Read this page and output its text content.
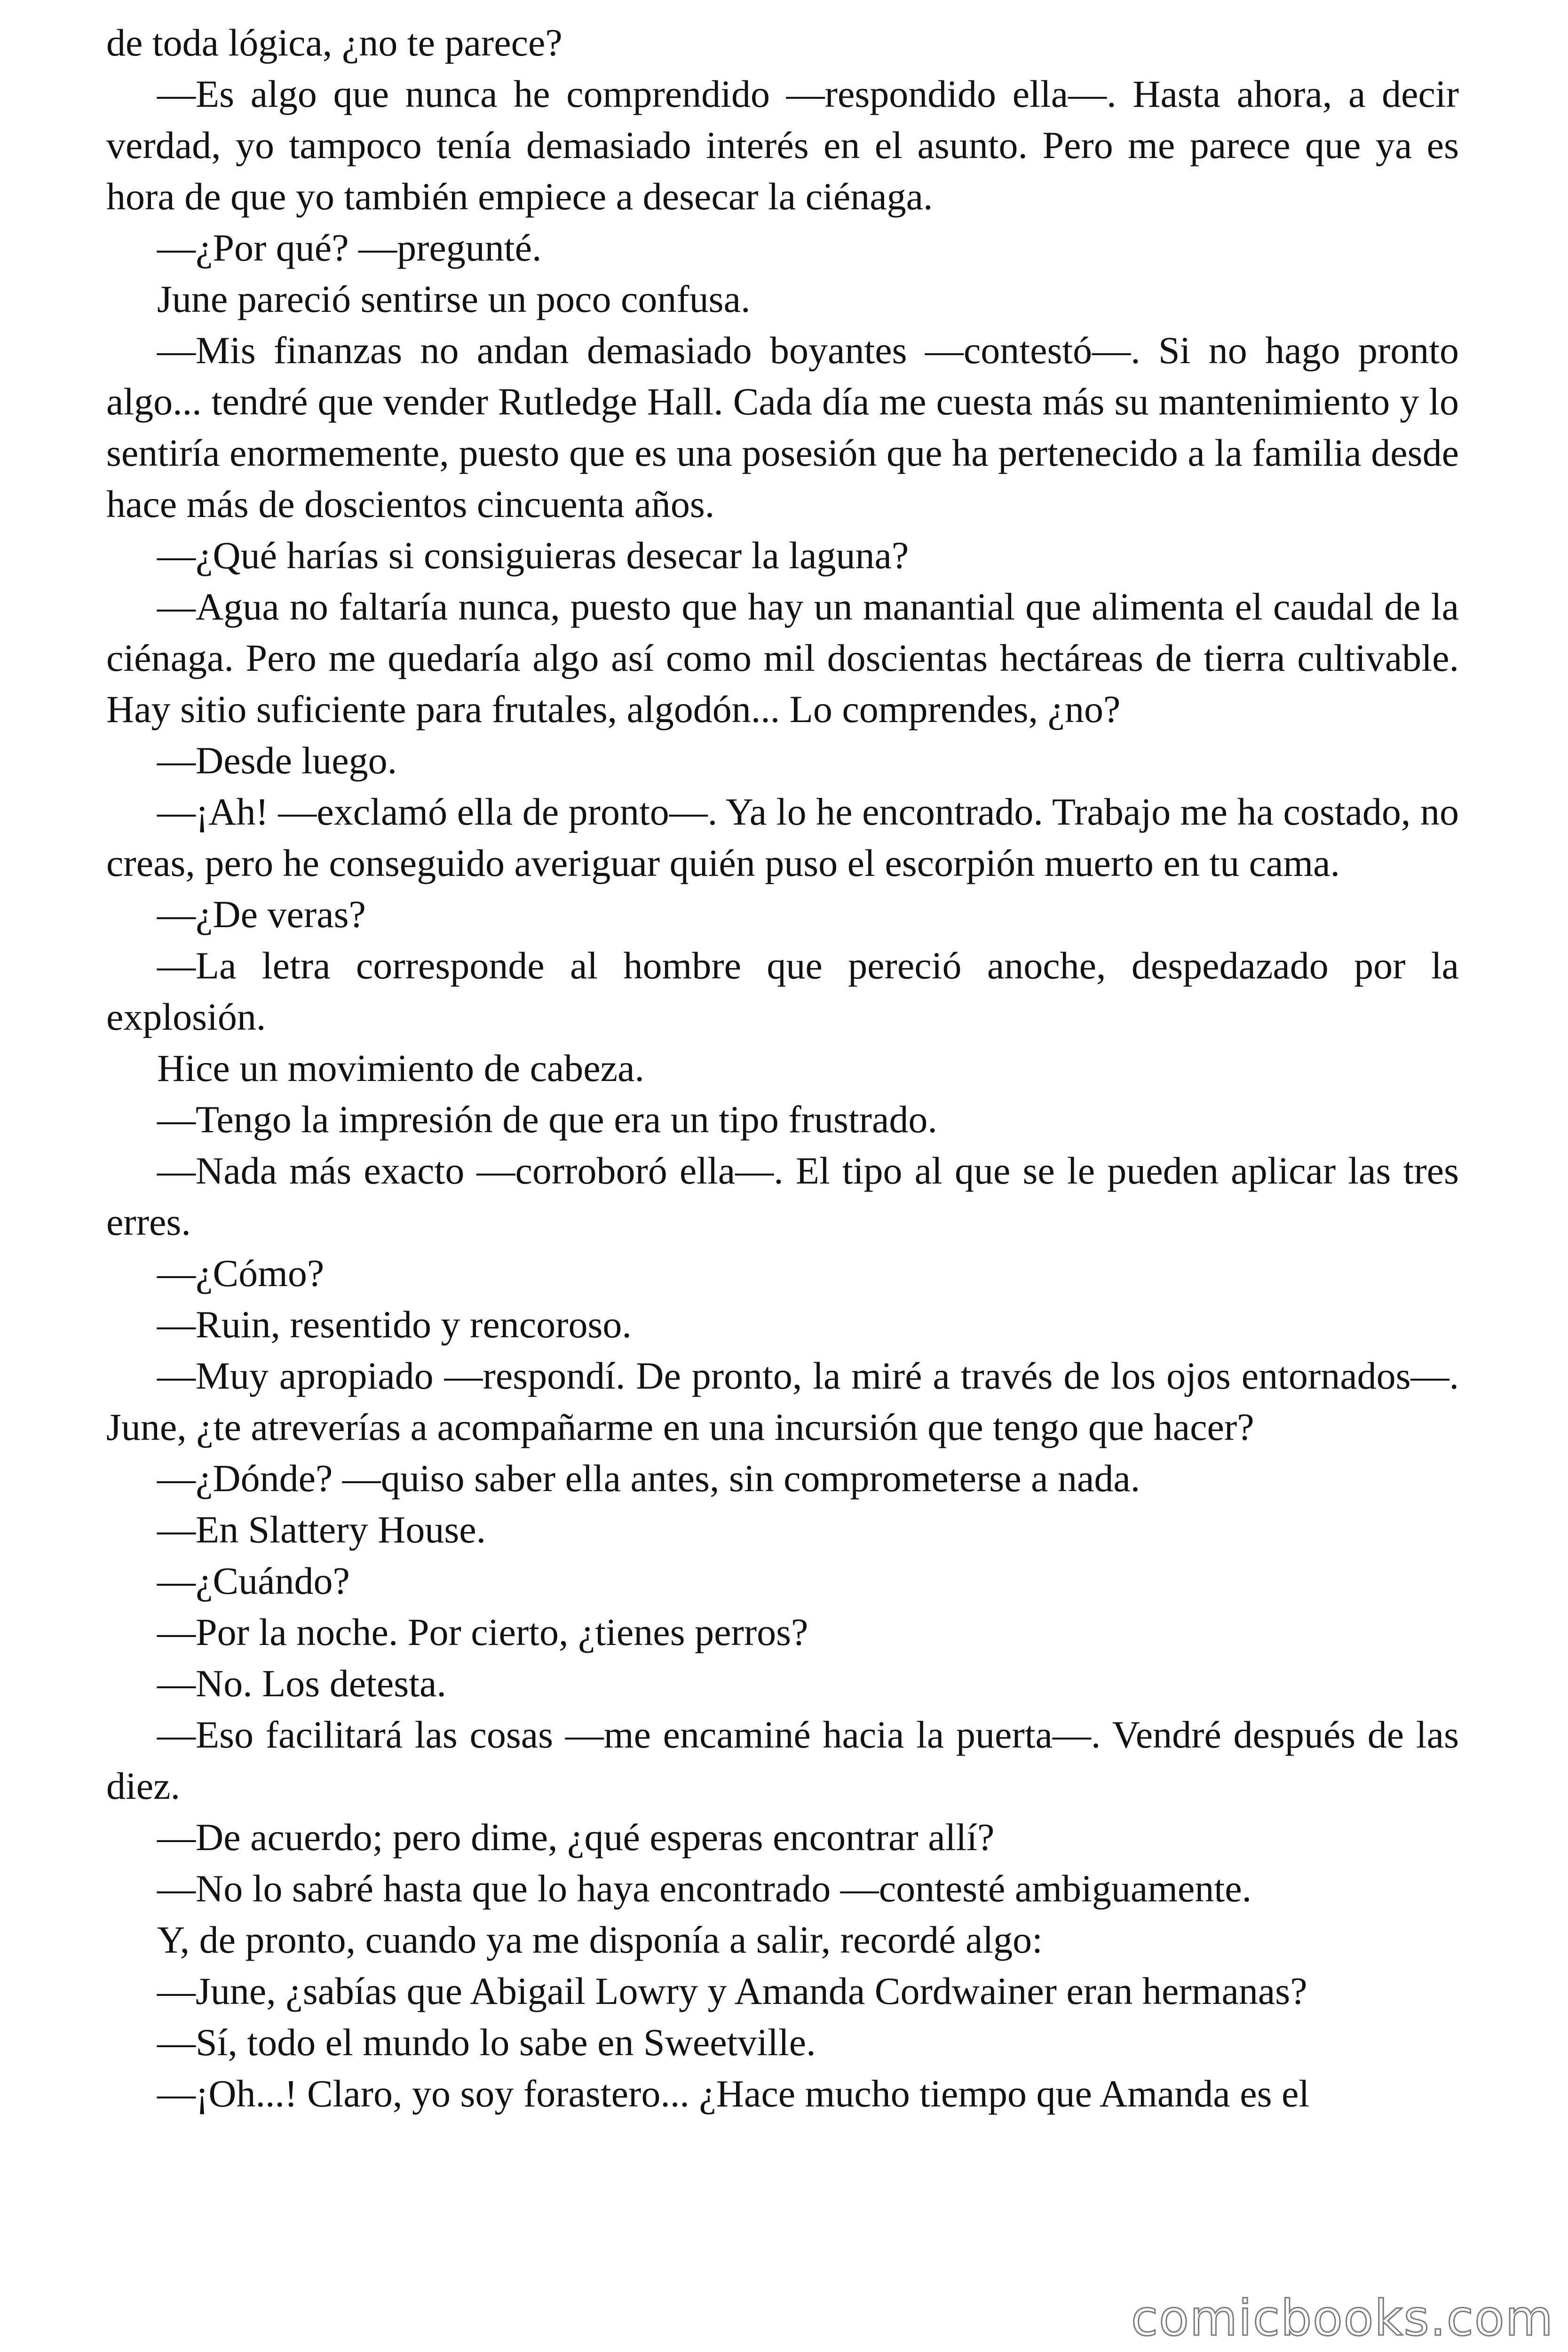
de toda lógica, ¿no te parece?

—Es algo que nunca he comprendido —respondido ella—. Hasta ahora, a decir verdad, yo tampoco tenía demasiado interés en el asunto. Pero me parece que ya es hora de que yo también empiece a desecar la ciénaga.

—¿Por qué? —pregunté.

June pareció sentirse un poco confusa.

—Mis finanzas no andan demasiado boyantes —contestó—. Si no hago pronto algo... tendré que vender Rutledge Hall. Cada día me cuesta más su mantenimiento y lo sentiría enormemente, puesto que es una posesión que ha pertenecido a la familia desde hace más de doscientos cincuenta años.

—¿Qué harías si consiguieras desecar la laguna?

—Agua no faltaría nunca, puesto que hay un manantial que alimenta el caudal de la ciénaga. Pero me quedaría algo así como mil doscientas hectáreas de tierra cultivable. Hay sitio suficiente para frutales, algodón... Lo comprendes, ¿no?

—Desde luego.

—¡Ah! —exclamó ella de pronto—. Ya lo he encontrado. Trabajo me ha costado, no creas, pero he conseguido averiguar quién puso el escorpión muerto en tu cama.

—¿De veras?

—La letra corresponde al hombre que pereció anoche, despedazado por la explosión.

Hice un movimiento de cabeza.

—Tengo la impresión de que era un tipo frustrado.

—Nada más exacto —corroboró ella—. El tipo al que se le pueden aplicar las tres erres.

—¿Cómo?

—Ruin, resentido y rencoroso.

—Muy apropiado —respondí. De pronto, la miré a través de los ojos entornados—. June, ¿te atreverías a acompañarme en una incursión que tengo que hacer?

—¿Dónde? —quiso saber ella antes, sin comprometerse a nada.

—En Slattery House.

—¿Cuándo?

—Por la noche. Por cierto, ¿tienes perros?

—No. Los detesta.

—Eso facilitará las cosas —me encaminé hacia la puerta—. Vendré después de las diez.

—De acuerdo; pero dime, ¿qué esperas encontrar allí?

—No lo sabré hasta que lo haya encontrado —contesté ambiguamente.

Y, de pronto, cuando ya me disponía a salir, recordé algo:

—June, ¿sabías que Abigail Lowry y Amanda Cordwainer eran hermanas?

—Sí, todo el mundo lo sabe en Sweetville.

—¡Oh...! Claro, yo soy forastero... ¿Hace mucho tiempo que Amanda es el

comicbooks.com
